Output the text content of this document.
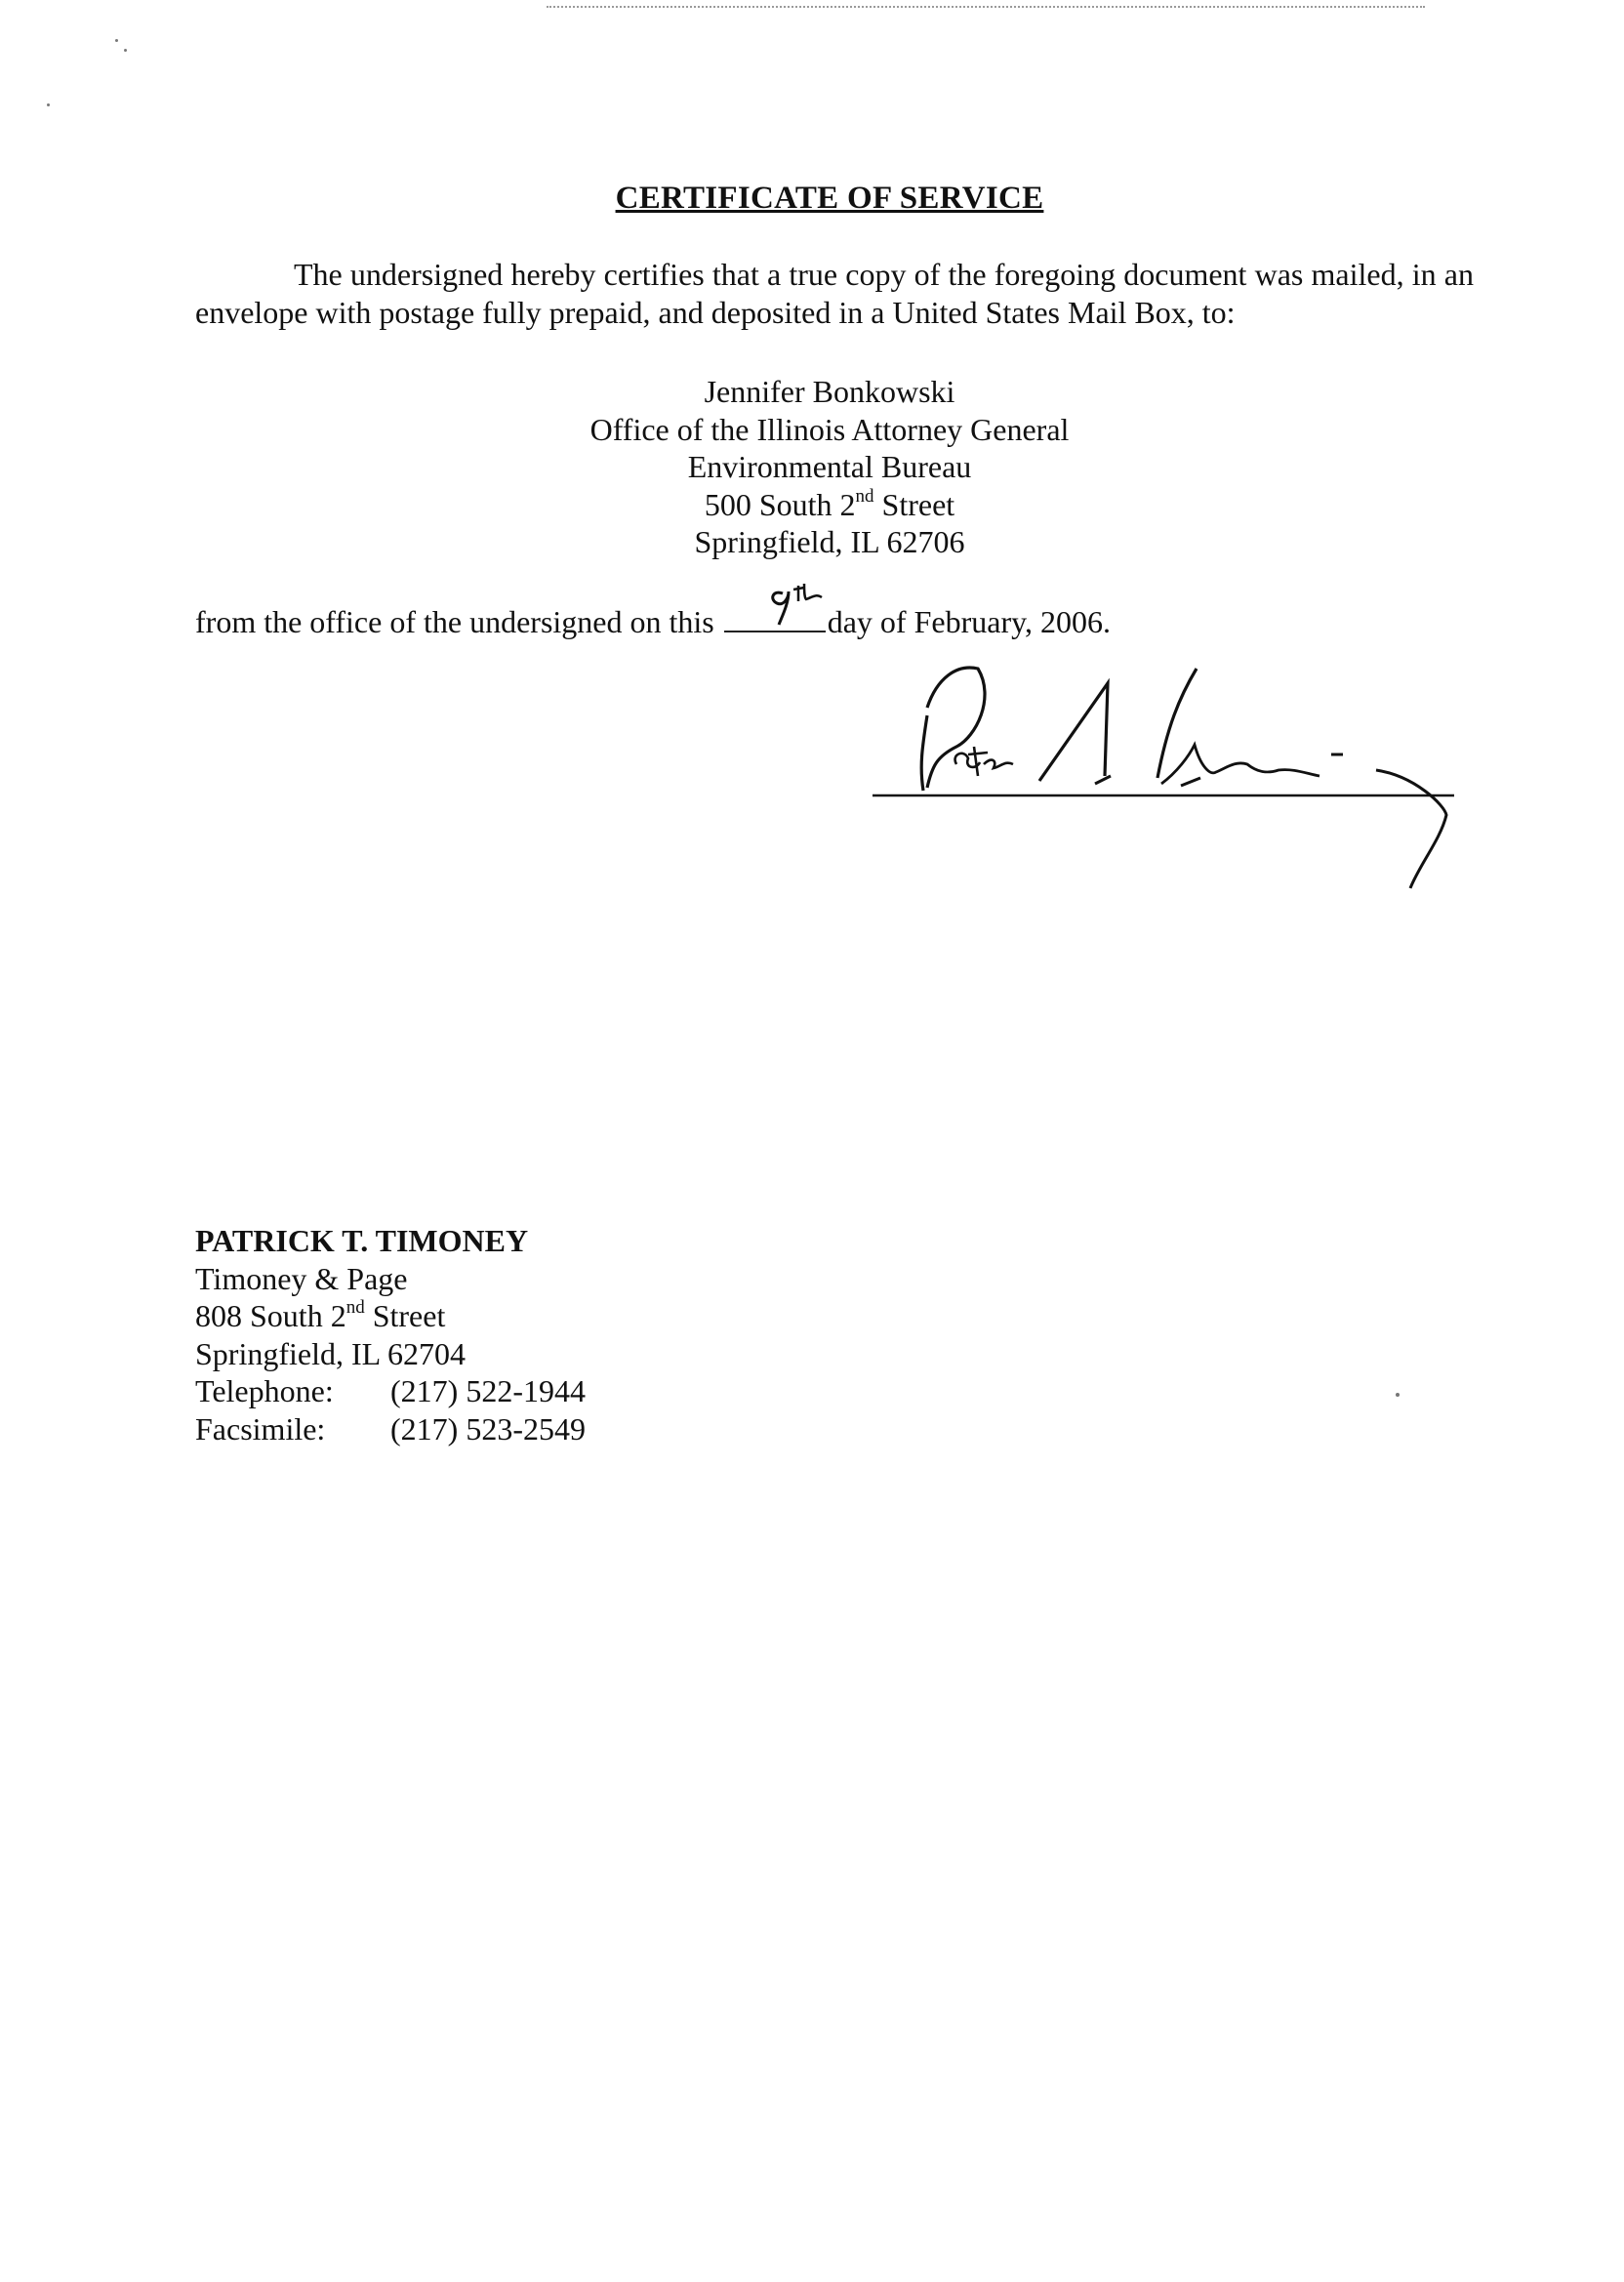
CERTIFICATE OF SERVICE
The undersigned hereby certifies that a true copy of the foregoing document was mailed, in an envelope with postage fully prepaid, and deposited in a United States Mail Box, to:
Jennifer Bonkowski
Office of the Illinois Attorney General
Environmental Bureau
500 South 2nd Street
Springfield, IL 62706
from the office of the undersigned on this	day of February, 2006.
PATRICK T. TIMONEY
Timoney & Page
808 South 2nd Street
Springfield, IL 62704
Telephone: (217) 522-1944
Facsimile: (217) 523-2549
